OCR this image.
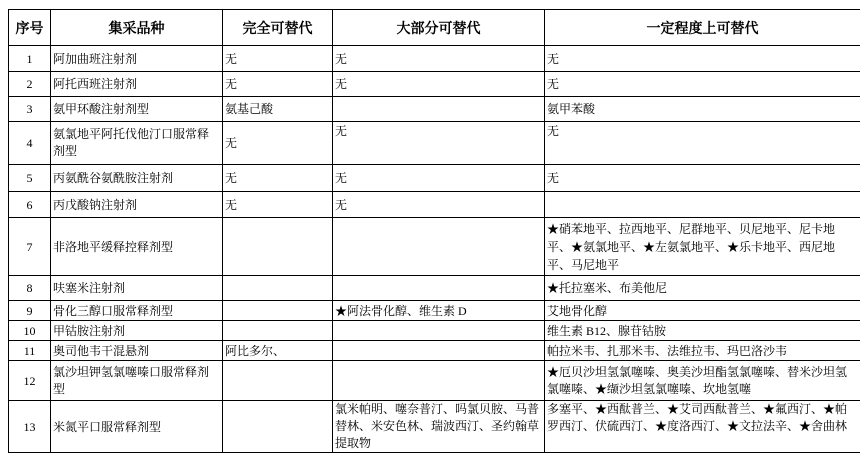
序号	集采品种	完全可替代	大部分可替代	一定程度上可替代
1	阿加曲班注射剂	无	无	无
2	阿托西班注射剂	无	无	无
3	氨甲环酸注射剂型	氨基己酸		氨甲苯酸
4	氨氯地平阿托伐他汀口服常释剂型	无	无	无
5	丙氨酰谷氨酰胺注射剂	无	无	无
6	丙戊酸钠注射剂	无	无	
7	非洛地平缓释控释剂型			★硝苯地平、拉西地平、尼群地平、贝尼地平、尼卡地平、★氨氯地平、★左氨氯地平、★乐卡地平、西尼地平、马尼地平
8	呋塞米注射剂			★托拉塞米、布美他尼
9	骨化三醇口服常释剂型		★阿法骨化醇、维生素 D	艾地骨化醇
10	甲钴胺注射剂			维生素 B12、腺苷钴胺
11	奥司他韦干混悬剂	阿比多尔、		帕拉米韦、扎那米韦、法维拉韦、玛巴洛沙韦
12	氯沙坦钾氢氯噻嗪口服常释剂型			★厄贝沙坦氢氯噻嗪、奥美沙坦酯氢氯噻嗪、替米沙坦氢氯噻嗪、★缬沙坦氢氯噻嗪、坎地氢噻
13	米氮平口服常释剂型		氯米帕明、噻奈普汀、吗氯贝胺、马普替林、米安色林、瑞波西汀、圣约翰草提取物	多塞平、★西酞普兰、★艾司西酞普兰、★氟西汀、★帕罗西汀、伏硫西汀、★度洛西汀、★文拉法辛、★舍曲林
